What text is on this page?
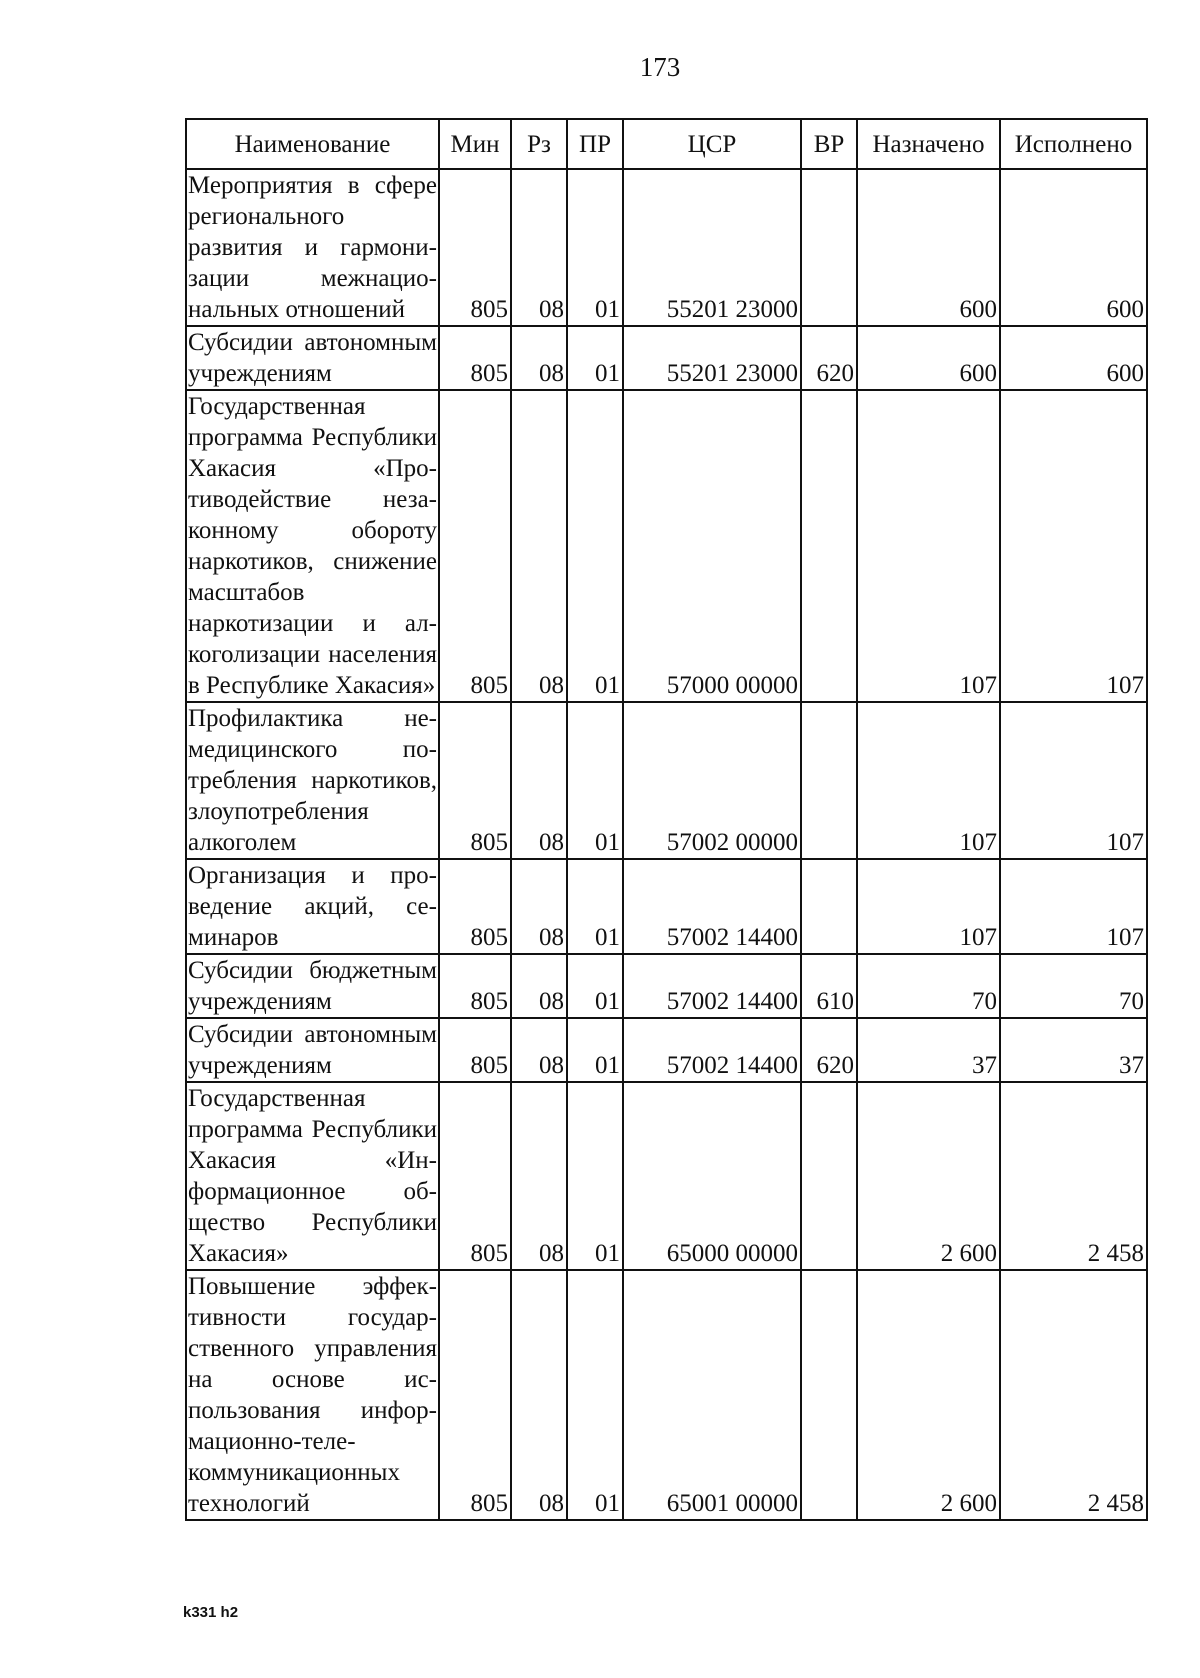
173
Наименование	Мин	Рз	ПР	ЦСР	ВР	Назначено	Исполнено
Мероприятия в сфере регионального развития и гармонизации межнациональных отношений	805	08	01	55201 23000		600	600
Субсидии автономным учреждениям	805	08	01	55201 23000	620	600	600
Государственная программа Республики Хакасия «Противодействие незаконному обороту наркотиков, снижение масштабов наркотизации и алкоголизации населения в Республике Хакасия»	805	08	01	57000 00000		107	107
Профилактика немедицинского потребления наркотиков, злоупотребления алкоголем	805	08	01	57002 00000		107	107
Организация и проведение акций, семинаров	805	08	01	57002 14400		107	107
Субсидии бюджетным учреждениям	805	08	01	57002 14400	610	70	70
Субсидии автономным учреждениям	805	08	01	57002 14400	620	37	37
Государственная программа Республики Хакасия «Информационное общество Республики Хакасия»	805	08	01	65000 00000		2 600	2 458
Повышение эффективности государственного управления на основе использования информационно-телекоммуникационных технологий	805	08	01	65001 00000		2 600	2 458
k331 h2
